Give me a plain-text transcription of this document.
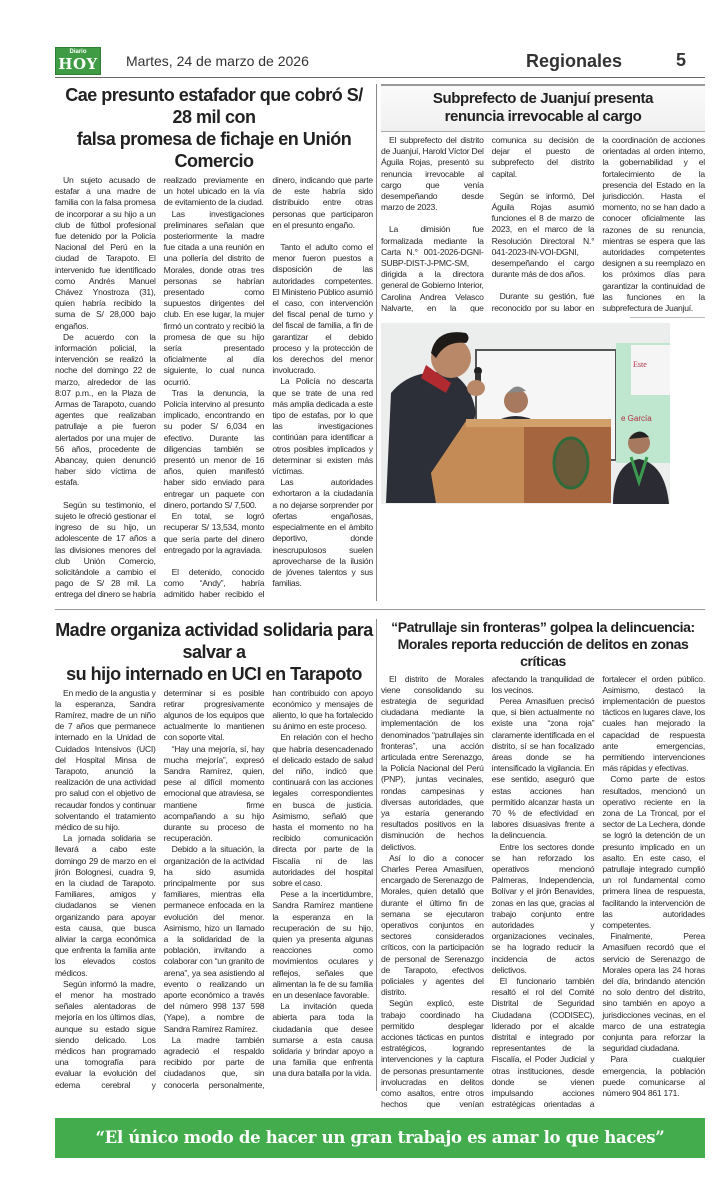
Diario
HOY Martes, 24 de marzo de 2026	Regionales	5
Cae presunto estafador que cobró S/ 28 mil con
falsa promesa de fichaje en Unión Comercio

Un sujeto acusado de estafar a una madre de familia con la falsa promesa de incorporar a su hijo a un club de fútbol profesional fue detenido por la Policía Nacional del Perú en la ciudad de Tarapoto. El intervenido fue identificado como Andrés Manuel Chávez Ynostroza (31), quien habría recibido la suma de S/ 28,000 bajo engaños.

De acuerdo con la información policial, la intervención se realizó la noche del domingo 22 de marzo, alrededor de las 8:07 p.m., en la Plaza de Armas de Tarapoto, cuando agentes que realizaban patrullaje a pie fueron alertados por una mujer de 56 años, procedente de Abancay, quien denunció haber sido víctima de estafa.

Según su testimonio, el sujeto le ofreció gestionar el ingreso de su hijo, un adolescente de 17 años a las divisiones menores del club Unión Comercio, solicitándole a cambio el pago de S/ 28 mil. La entrega del dinero se habría realizado previamente en un hotel ubicado en la vía de evitamiento de la ciudad.

Las investigaciones preliminares señalan que posteriormente la madre fue citada a una reunión en una pollería del distrito de Morales, donde otras tres personas se habrían presentado como supuestos dirigentes del club. En ese lugar, la mujer firmó un contrato y recibió la promesa de que su hijo sería presentado oficialmente al día siguiente, lo cual nunca ocurrió.

Tras la denuncia, la Policía intervino al presunto implicado, encontrando en su poder S/ 6,034 en efectivo. Durante las diligencias también se presentó un menor de 16 años, quien manifestó haber sido enviado para entregar un paquete con dinero, portando S/ 7,500.

En total, se logró recuperar S/ 13,534, monto que sería parte del dinero entregado por la agraviada.

El detenido, conocido como “Andy”, habría admitido haber recibido el dinero, indicando que parte de este habría sido distribuido entre otras personas que participaron en el presunto engaño.

Tanto el adulto como el menor fueron puestos a disposición de las autoridades competentes. El Ministerio Público asumió el caso, con intervención del fiscal penal de turno y del fiscal de familia, a fin de garantizar el debido proceso y la protección de los derechos del menor involucrado.

La Policía no descarta que se trate de una red más amplia dedicada a este tipo de estafas, por lo que las investigaciones continúan para identificar a otros posibles implicados y determinar si existen más víctimas.

Las autoridades exhortaron a la ciudadanía a no dejarse sorprender por ofertas engañosas, especialmente en el ámbito deportivo, donde inescrupulosos suelen aprovecharse de la ilusión de jóvenes talentos y sus familias.

Subprefecto de Juanjuí presenta
renuncia irrevocable al cargo

El subprefecto del distrito de Juanjuí, Harold Víctor Del Águila Rojas, presentó su renuncia irrevocable al cargo que venía desempeñando desde marzo de 2023.

La dimisión fue formalizada mediante la Carta N.° 001-2026-DGNI-SUBP-DIST-J-PMC-SM, dirigida a la directora general de Gobierno Interior, Carolina Andrea Velasco Nalvarte, en la que comunica su decisión de dejar el puesto de subprefecto del distrito capital.

Según se informó, Del Águila Rojas asumió funciones el 8 de marzo de 2023, en el marco de la Resolución Directoral N.° 041-2023-IN-VOI-DGNI, desempeñando el cargo durante más de dos años.

Durante su gestión, fue reconocido por su labor en la coordinación de acciones orientadas al orden interno, la gobernabilidad y el fortalecimiento de la presencia del Estado en la jurisdicción. Hasta el momento, no se han dado a conocer oficialmente las razones de su renuncia, mientras se espera que las autoridades competentes designen a su reemplazo en los próximos días para garantizar la continuidad de las funciones en la subprefectura de Juanjuí.

Este
e García
Madre organiza actividad solidaria para salvar a
su hijo internado en UCI en Tarapoto

En medio de la angustia y la esperanza, Sandra Ramírez, madre de un niño de 7 años que permanece internado en la Unidad de Cuidados Intensivos (UCI) del Hospital Minsa de Tarapoto, anunció la realización de una actividad pro salud con el objetivo de recaudar fondos y continuar solventando el tratamiento médico de su hijo.

La jornada solidaria se llevará a cabo este domingo 29 de marzo en el jirón Bolognesi, cuadra 9, en la ciudad de Tarapoto. Familiares, amigos y ciudadanos se vienen organizando para apoyar esta causa, que busca aliviar la carga económica que enfrenta la familia ante los elevados costos médicos.

Según informó la madre, el menor ha mostrado señales alentadoras de mejoría en los últimos días, aunque su estado sigue siendo delicado. Los médicos han programado una tomografía para evaluar la evolución del edema cerebral y determinar si es posible retirar progresivamente algunos de los equipos que actualmente lo mantienen con soporte vital.

“Hay una mejoría, sí, hay mucha mejoría”, expresó Sandra Ramírez, quien, pese al difícil momento emocional que atraviesa, se mantiene firme acompañando a su hijo durante su proceso de recuperación.

Debido a la situación, la organización de la actividad ha sido asumida principalmente por sus familiares, mientras ella permanece enfocada en la evolución del menor. Asimismo, hizo un llamado a la solidaridad de la población, invitando a colaborar con “un granito de arena”, ya sea asistiendo al evento o realizando un aporte económico a través del número 998 137 598 (Yape), a nombre de Sandra Ramírez Ramírez.

La madre también agradeció el respaldo recibido por parte de ciudadanos que, sin conocerla personalmente, han contribuido con apoyo económico y mensajes de aliento, lo que ha fortalecido su ánimo en este proceso.

En relación con el hecho que habría desencadenado el delicado estado de salud del niño, indicó que continuará con las acciones legales correspondientes en busca de justicia. Asimismo, señaló que hasta el momento no ha recibido comunicación directa por parte de la Fiscalía ni de las autoridades del hospital sobre el caso.

Pese a la incertidumbre, Sandra Ramírez mantiene la esperanza en la recuperación de su hijo, quien ya presenta algunas reacciones como movimientos oculares y reflejos, señales que alimentan la fe de su familia en un desenlace favorable.

La invitación queda abierta para toda la ciudadanía que desee sumarse a esta causa solidaria y brindar apoyo a una familia que enfrenta una dura batalla por la vida.

“Patrullaje sin fronteras” golpea la delincuencia:
Morales reporta reducción de delitos en zonas críticas

El distrito de Morales viene consolidando su estrategia de seguridad ciudadana mediante la implementación de los denominados “patrullajes sin fronteras”, una acción articulada entre Serenazgo, la Policía Nacional del Perú (PNP), juntas vecinales, rondas campesinas y diversas autoridades, que ya estaría generando resultados positivos en la disminución de hechos delictivos.

Así lo dio a conocer Charles Perea Amasifuen, encargado de Serenazgo de Morales, quien detalló que durante el último fin de semana se ejecutaron operativos conjuntos en sectores considerados críticos, con la participación de personal de Serenazgo de Tarapoto, efectivos policiales y agentes del distrito.

Según explicó, este trabajo coordinado ha permitido desplegar acciones tácticas en puntos estratégicos, logrando intervenciones y la captura de personas presuntamente involucradas en delitos como asaltos, entre otros hechos que venían afectando la tranquilidad de los vecinos.

Perea Amasifuen precisó que, si bien actualmente no existe una “zona roja” claramente identificada en el distrito, sí se han focalizado áreas donde se ha intensificado la vigilancia. En ese sentido, aseguró que estas acciones han permitido alcanzar hasta un 70 % de efectividad en labores disuasivas frente a la delincuencia.

Entre los sectores donde se han reforzado los operativos mencionó Palmeras, Independencia, Bolívar y el jirón Benavides, zonas en las que, gracias al trabajo conjunto entre autoridades y organizaciones vecinales, se ha logrado reducir la incidencia de actos delictivos.

El funcionario también resaltó el rol del Comité Distrital de Seguridad Ciudadana (CODISEC), liderado por el alcalde distrital e integrado por representantes de la Fiscalía, el Poder Judicial y otras instituciones, desde donde se vienen impulsando acciones estratégicas orientadas a fortalecer el orden público. Asimismo, destacó la implementación de puestos tácticos en lugares clave, los cuales han mejorado la capacidad de respuesta ante emergencias, permitiendo intervenciones más rápidas y efectivas.

Como parte de estos resultados, mencionó un operativo reciente en la zona de La Troncal, por el sector de La Lechera, donde se logró la detención de un presunto implicado en un asalto. En este caso, el patrullaje integrado cumplió un rol fundamental como primera línea de respuesta, facilitando la intervención de las autoridades competentes.

Finalmente, Perea Amasifuen recordó que el servicio de Serenazgo de Morales opera las 24 horas del día, brindando atención no solo dentro del distrito, sino también en apoyo a jurisdicciones vecinas, en el marco de una estrategia conjunta para reforzar la seguridad ciudadana.

Para cualquier emergencia, la población puede comunicarse al número 904 861 171.

“El único modo de hacer un gran trabajo es amar lo que haces”
